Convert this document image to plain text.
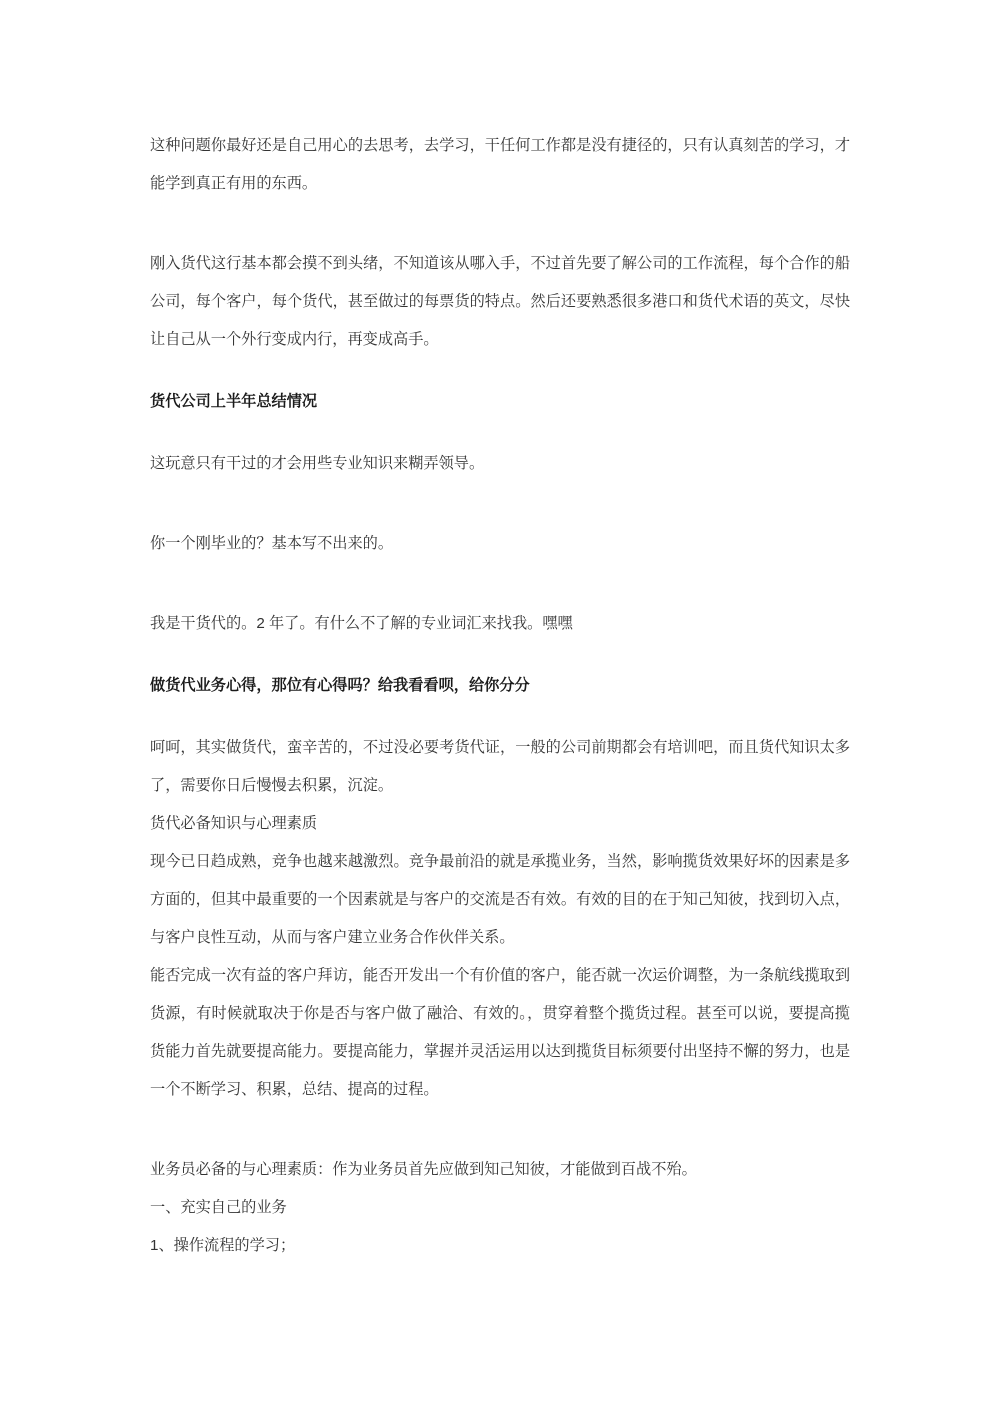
这种问题你最好还是自己用心的去思考，去学习，干任何工作都是没有捷径的，只有认真刻苦的学习，才能学到真正有用的东西。

刚入货代这行基本都会摸不到头绪，不知道该从哪入手，不过首先要了解公司的工作流程，每个合作的船公司，每个客户，每个货代，甚至做过的每票货的特点。然后还要熟悉很多港口和货代术语的英文，尽快让自己从一个外行变成内行，再变成高手。

货代公司上半年总结情况

这玩意只有干过的才会用些专业知识来糊弄领导。

你一个刚毕业的？基本写不出来的。

我是干货代的。2 年了。有什么不了解的专业词汇来找我。嘿嘿

做货代业务心得，那位有心得吗？给我看看呗，给你分分

呵呵，其实做货代，蛮辛苦的，不过没必要考货代证，一般的公司前期都会有培训吧，而且货代知识太多了，需要你日后慢慢去积累，沉淀。

货代必备知识与心理素质

现今已日趋成熟，竞争也越来越激烈。竞争最前沿的就是承揽业务，当然，影响揽货效果好坏的因素是多方面的，但其中最重要的一个因素就是与客户的交流是否有效。有效的目的在于知己知彼，找到切入点，与客户良性互动，从而与客户建立业务合作伙伴关系。

能否完成一次有益的客户拜访，能否开发出一个有价值的客户，能否就一次运价调整，为一条航线揽取到货源，有时候就取决于你是否与客户做了融洽、有效的。，贯穿着整个揽货过程。甚至可以说，要提高揽货能力首先就要提高能力。要提高能力，掌握并灵活运用以达到揽货目标须要付出坚持不懈的努力，也是一个不断学习、积累，总结、提高的过程。

业务员必备的与心理素质：作为业务员首先应做到知己知彼，才能做到百战不殆。

一、充实自己的业务

1、操作流程的学习；
